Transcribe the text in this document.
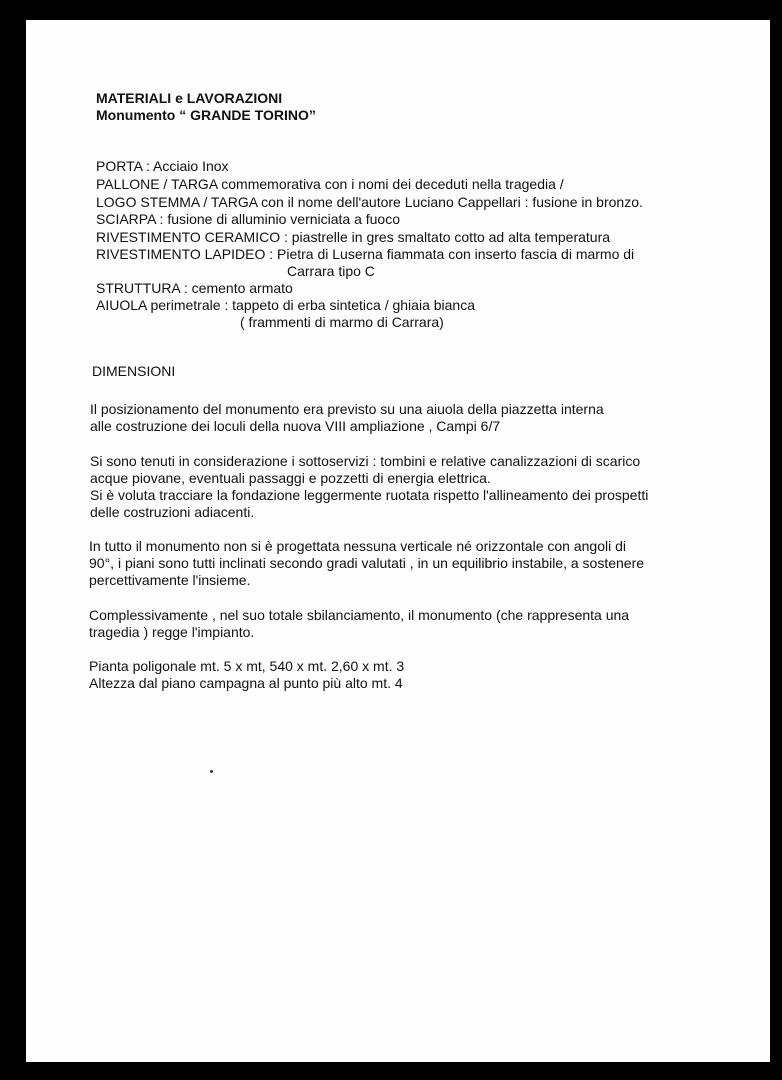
MATERIALI e LAVORAZIONI
Monumento “ GRANDE TORINO”
PORTA : Acciaio Inox
PALLONE / TARGA commemorativa con i nomi dei deceduti nella tragedia /
LOGO STEMMA / TARGA con il nome dell'autore Luciano Cappellari : fusione in bronzo.
SCIARPA : fusione di alluminio verniciata a fuoco
RIVESTIMENTO CERAMICO : piastrelle in gres smaltato cotto ad alta temperatura
RIVESTIMENTO LAPIDEO : Pietra di Luserna fiammata con inserto fascia di marmo di
Carrara tipo C
STRUTTURA : cemento armato
AIUOLA perimetrale : tappeto di erba sintetica / ghiaia bianca
( frammenti di marmo di Carrara)
DIMENSIONI
Il posizionamento del monumento era previsto su una aiuola della piazzetta interna
alle costruzione dei loculi della nuova VIII ampliazione , Campi 6/7
Si sono tenuti in considerazione i sottoservizi : tombini e relative canalizzazioni di scarico
acque piovane, eventuali passaggi e pozzetti di energia elettrica.
Si è voluta tracciare la fondazione leggermente ruotata rispetto l'allineamento dei prospetti
delle costruzioni adiacenti.
In tutto il monumento non si è progettata nessuna verticale né orizzontale con angoli di
90°, i piani sono tutti inclinati secondo gradi valutati , in un equilibrio instabile, a sostenere
percettivamente l'insieme.
Complessivamente , nel suo totale sbilanciamento, il monumento (che rappresenta una
tragedia ) regge l'impianto.
Pianta poligonale mt. 5 x mt, 540 x mt. 2,60 x mt. 3
Altezza dal piano campagna al punto più alto mt. 4
